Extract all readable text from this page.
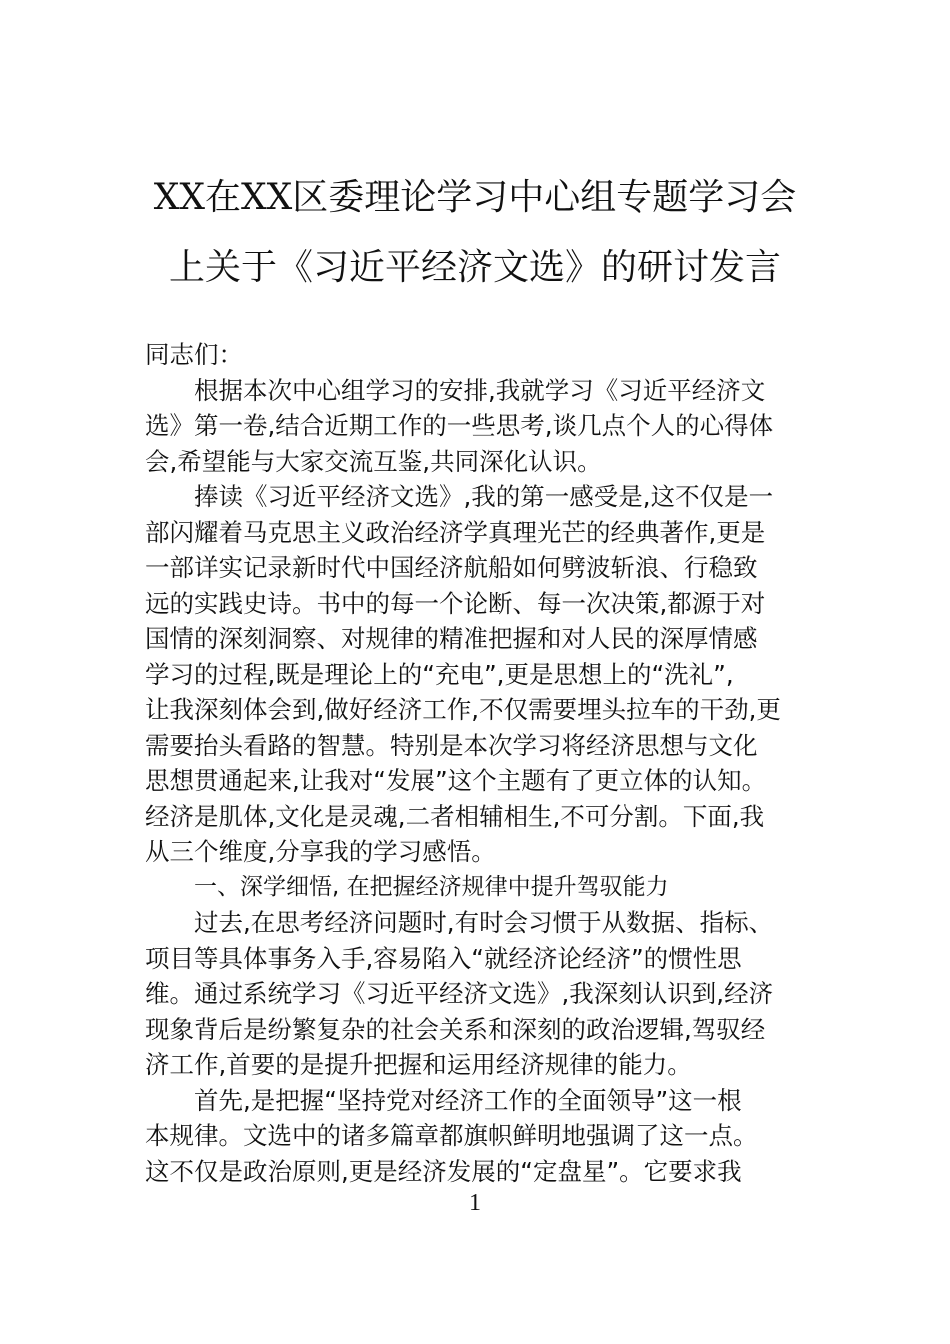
XX在XX区委理论学习中心组专题学习会
上关于《习近平经济文选》的研讨发言
同志们：
根据本次中心组学习的安排,我就学习《习近平经济文
选》第一卷,结合近期工作的一些思考,谈几点个人的心得体
会,希望能与大家交流互鉴,共同深化认识。
捧读《习近平经济文选》,我的第一感受是,这不仅是一
部闪耀着马克思主义政治经济学真理光芒的经典著作,更是
一部详实记录新时代中国经济航船如何劈波斩浪、行稳致
远的实践史诗。书中的每一个论断、每一次决策,都源于对
国情的深刻洞察、对规律的精准把握和对人民的深厚情感
学习的过程,既是理论上的“充电”,更是思想上的“洗礼”,
让我深刻体会到,做好经济工作,不仅需要埋头拉车的干劲,更
需要抬头看路的智慧。特别是本次学习将经济思想与文化
思想贯通起来,让我对“发展”这个主题有了更立体的认知。
经济是肌体,文化是灵魂,二者相辅相生,不可分割。下面,我
从三个维度,分享我的学习感悟。
一、深学细悟, 在把握经济规律中提升驾驭能力
过去,在思考经济问题时,有时会习惯于从数据、指标、
项目等具体事务入手,容易陷入“就经济论经济”的惯性思
维。通过系统学习《习近平经济文选》,我深刻认识到,经济
现象背后是纷繁复杂的社会关系和深刻的政治逻辑,驾驭经
济工作,首要的是提升把握和运用经济规律的能力。
首先,是把握“坚持党对经济工作的全面领导”这一根
本规律。文选中的诸多篇章都旗帜鲜明地强调了这一点。
这不仅是政治原则,更是经济发展的“定盘星”。它要求我
1
